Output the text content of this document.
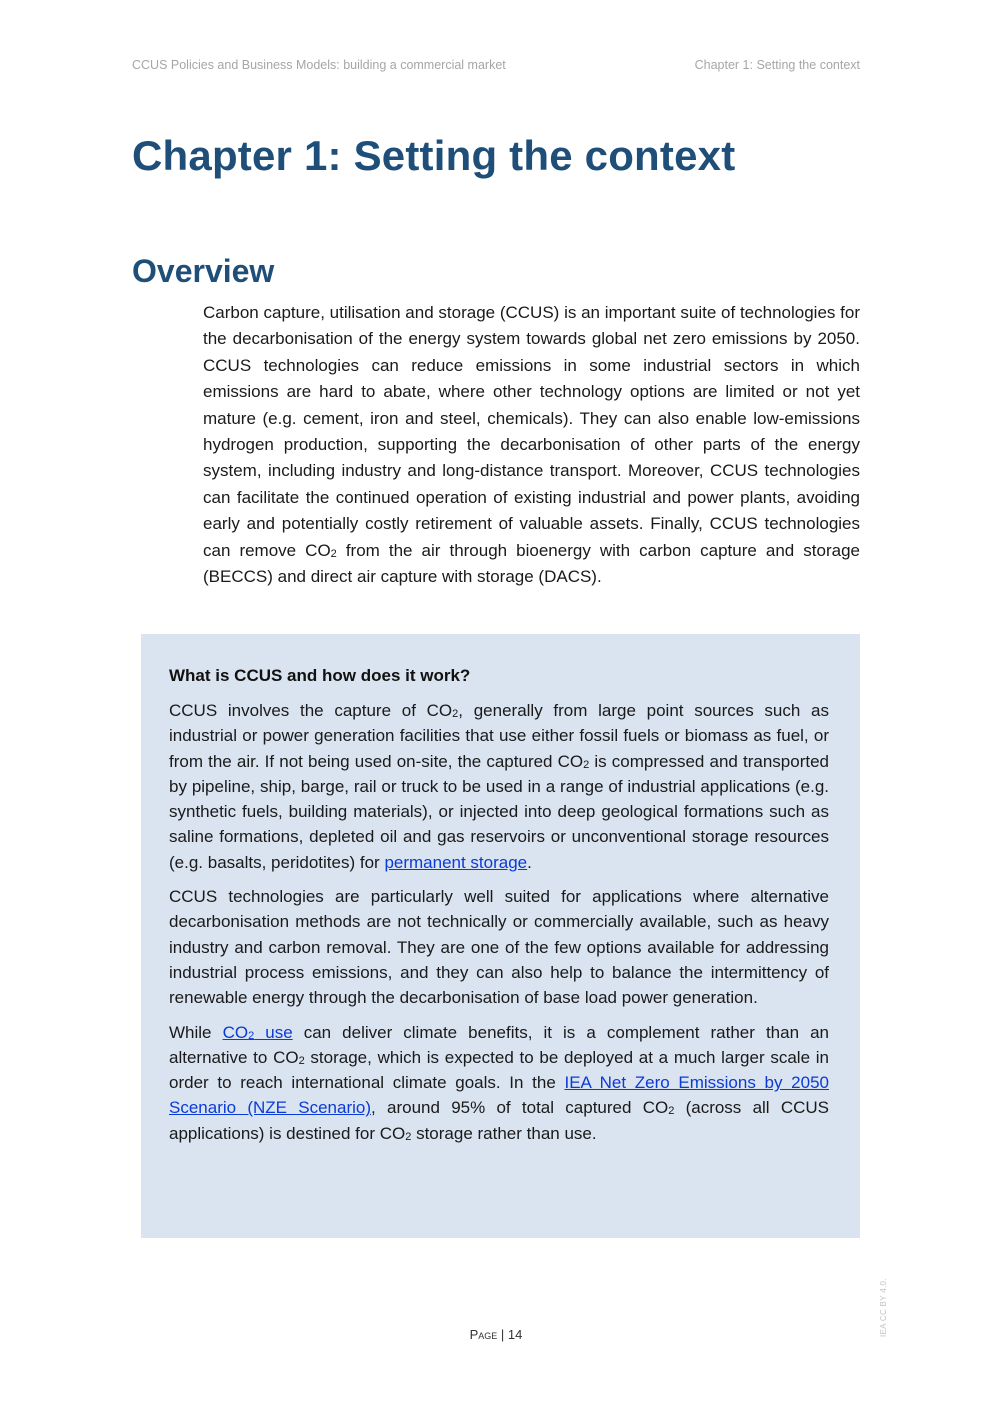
CCUS Policies and Business Models: building a commercial market	Chapter 1: Setting the context
Chapter 1: Setting the context
Overview

Carbon capture, utilisation and storage (CCUS) is an important suite of technologies for the decarbonisation of the energy system towards global net zero emissions by 2050. CCUS technologies can reduce emissions in some industrial sectors in which emissions are hard to abate, where other technology options are limited or not yet mature (e.g. cement, iron and steel, chemicals). They can also enable low-emissions hydrogen production, supporting the decarbonisation of other parts of the energy system, including industry and long-distance transport. Moreover, CCUS technologies can facilitate the continued operation of existing industrial and power plants, avoiding early and potentially costly retirement of valuable assets. Finally, CCUS technologies can remove CO2 from the air through bioenergy with carbon capture and storage (BECCS) and direct air capture with storage (DACS).

What is CCUS and how does it work?

CCUS involves the capture of CO2, generally from large point sources such as industrial or power generation facilities that use either fossil fuels or biomass as fuel, or from the air. If not being used on-site, the captured CO2 is compressed and transported by pipeline, ship, barge, rail or truck to be used in a range of industrial applications (e.g. synthetic fuels, building materials), or injected into deep geological formations such as saline formations, depleted oil and gas reservoirs or unconventional storage resources (e.g. basalts, peridotites) for permanent storage.

CCUS technologies are particularly well suited for applications where alternative decarbonisation methods are not technically or commercially available, such as heavy industry and carbon removal. They are one of the few options available for addressing industrial process emissions, and they can also help to balance the intermittency of renewable energy through the decarbonisation of base load power generation.

While CO2 use can deliver climate benefits, it is a complement rather than an alternative to CO2 storage, which is expected to be deployed at a much larger scale in order to reach international climate goals. In the IEA Net Zero Emissions by 2050 Scenario (NZE Scenario), around 95% of total captured CO2 (across all CCUS applications) is destined for CO2 storage rather than use.

IEA CC BY 4.0.
Page | 14
